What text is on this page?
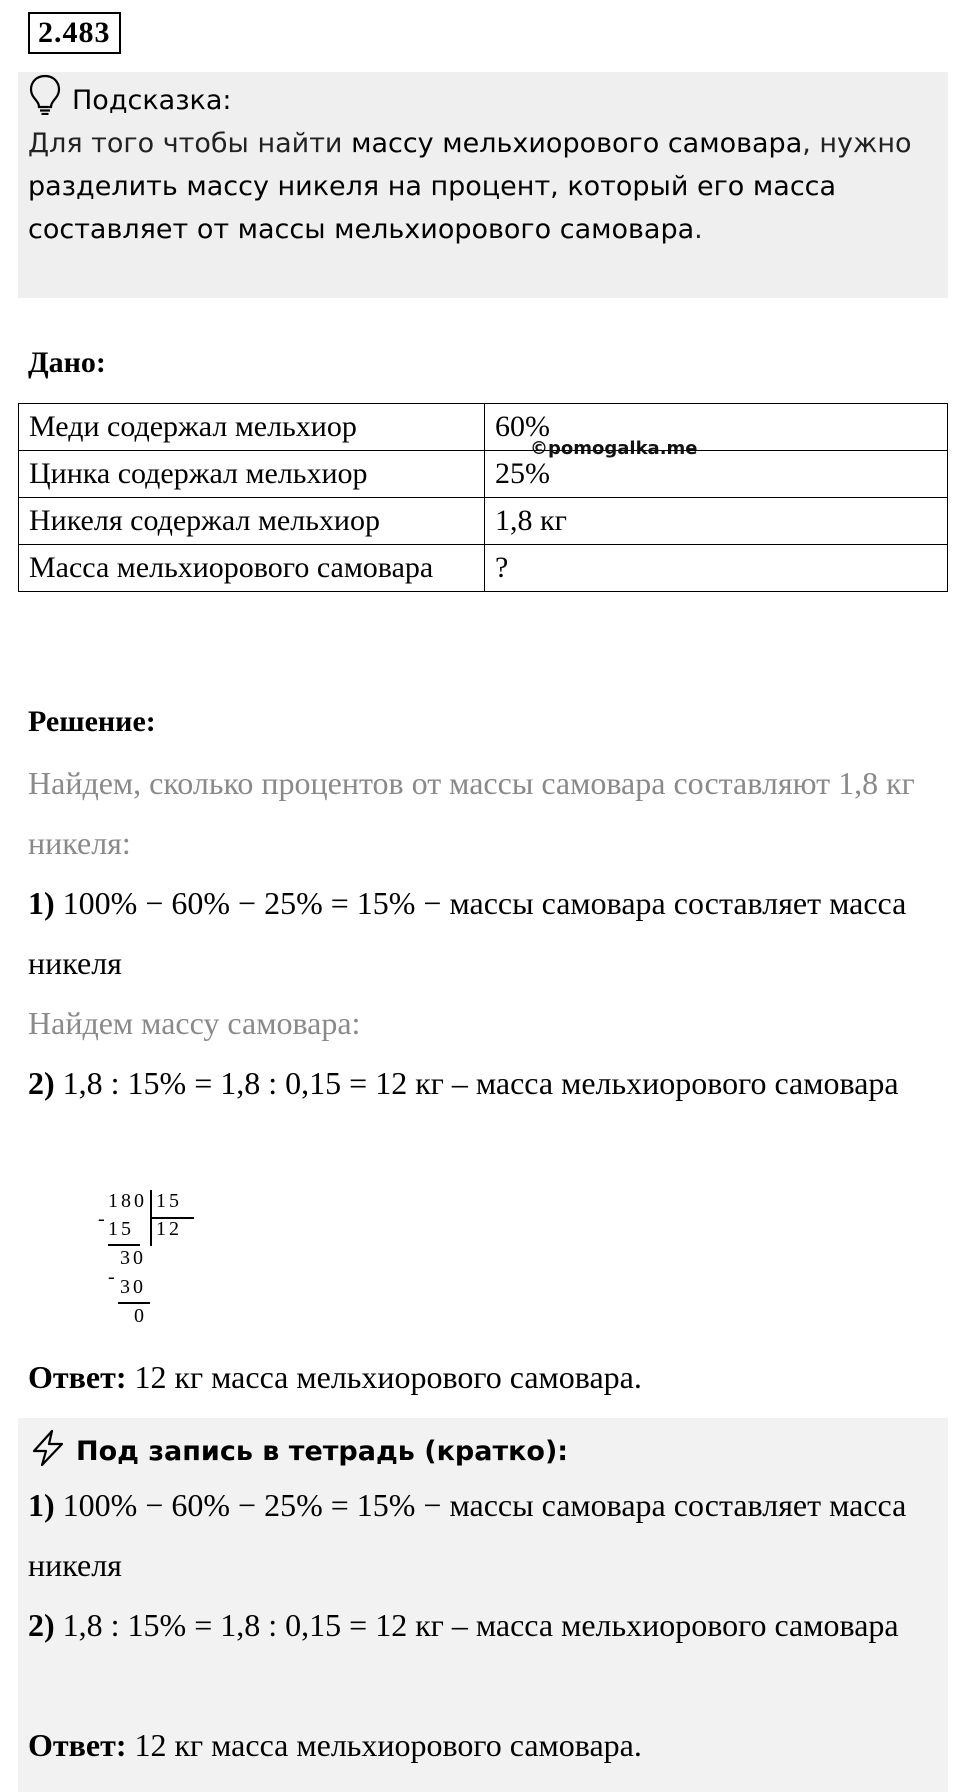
2.483
Подсказка:

Для того чтобы найти массу мельхиорового самовара, нужно разделить массу никеля на процент, который его масса составляет от массы мельхиорового самовара.

Дано:
Меди содержал мельхиор	60%
Цинка содержал мельхиор	25%
Никеля содержал мельхиор	1,8 кг
Масса мельхиорового самовара	?
©pomogalka.me
Решение:
Найдем, сколько процентов от массы самовара составляют 1,8 кг никеля:
1) 100% − 60% − 25% = 15% − массы самовара составляет масса никеля
Найдем массу самовара:
2) 1,8 : 15% = 1,8 : 0,15 = 12 кг – масса мельхиорового самовара
180 15
- 15 12
30
- 30
0
Ответ: 12 кг масса мельхиорового самовара.
Под запись в тетрадь (кратко):
1) 100% − 60% − 25% = 15% − массы самовара составляет масса никеля
2) 1,8 : 15% = 1,8 : 0,15 = 12 кг – масса мельхиорового самовара
Ответ: 12 кг масса мельхиорового самовара.
